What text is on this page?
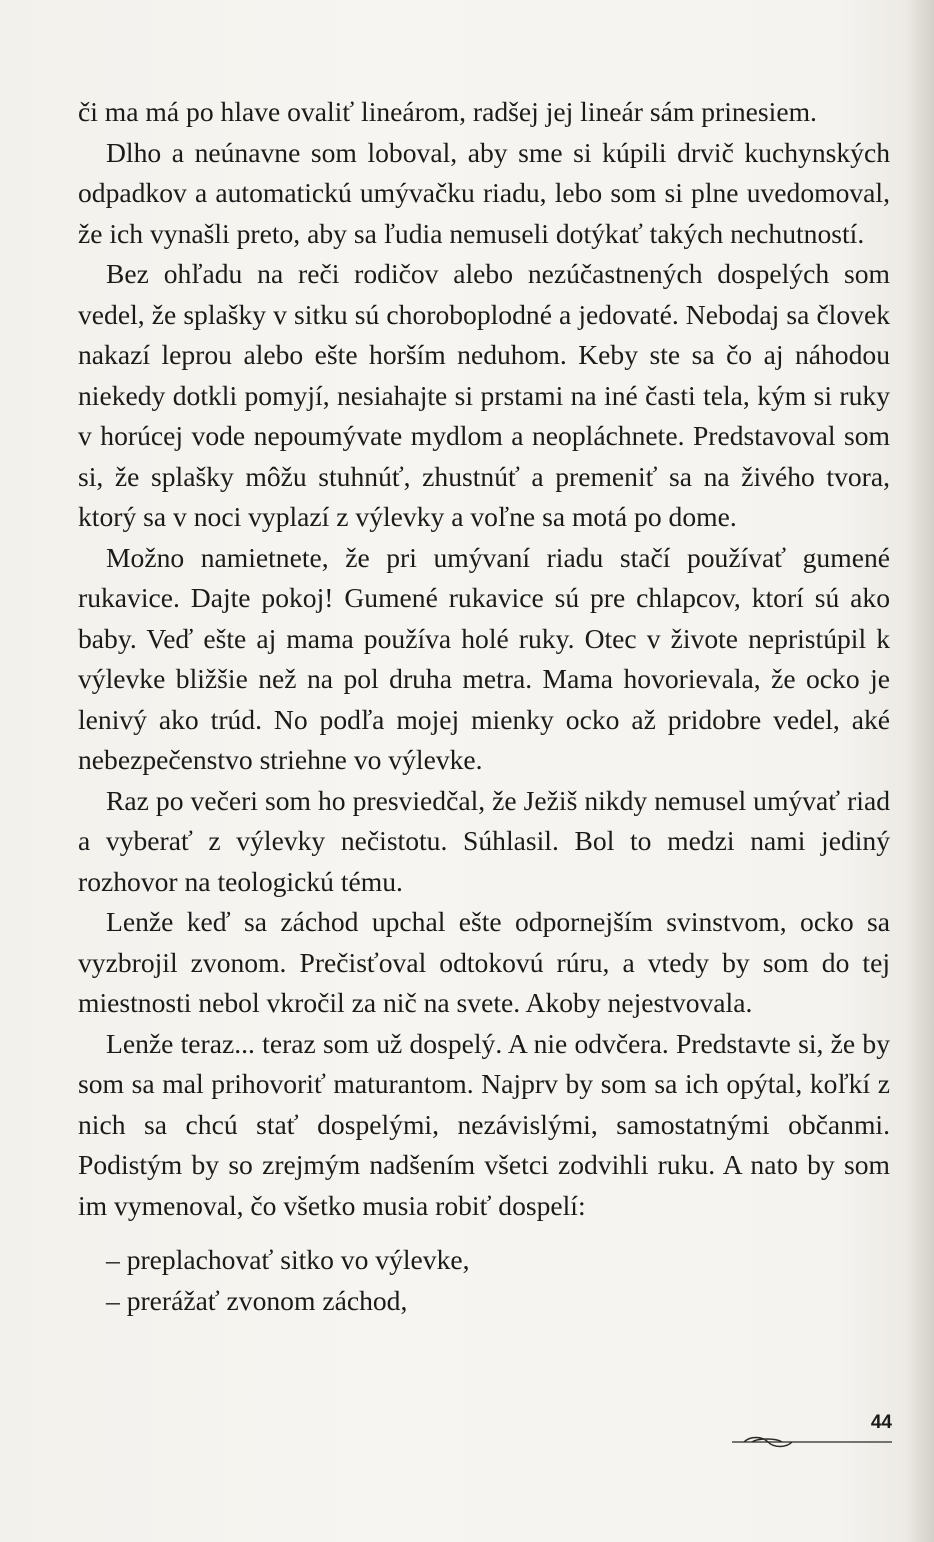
či ma má po hlave ovaliť lineárom, radšej jej lineár sám prinesiem.

Dlho a neúnavne som loboval, aby sme si kúpili drvič kuchynských odpadkov a automatickú umývačku riadu, lebo som si plne uvedomoval, že ich vynašli preto, aby sa ľudia nemuseli dotýkať takých nechutností.

Bez ohľadu na reči rodičov alebo nezúčastnených dospelých som vedel, že splašky v sitku sú choroboplodné a jedovaté. Nebodaj sa človek nakazí leprou alebo ešte horším neduhom. Keby ste sa čo aj náhodou niekedy dotkli pomyjí, nesiahajte si prstami na iné časti tela, kým si ruky v horúcej vode nepoumývate mydlom a neopláchnete. Predstavoval som si, že splašky môžu stuhnúť, zhustnúť a premeniť sa na živého tvora, ktorý sa v noci vyplazí z výlevky a voľne sa motá po dome.

Možno namietnete, že pri umývaní riadu stačí používať gumené rukavice. Dajte pokoj! Gumené rukavice sú pre chlapcov, ktorí sú ako baby. Veď ešte aj mama používa holé ruky. Otec v živote nepristúpil k výlevke bližšie než na pol druha metra. Mama hovorievala, že ocko je lenivý ako trúd. No podľa mojej mienky ocko až pridobre vedel, aké nebezpečenstvo striehne vo výlevke.

Raz po večeri som ho presviedčal, že Ježiš nikdy nemusel umývať riad a vyberať z výlevky nečistotu. Súhlasil. Bol to medzi nami jediný rozhovor na teologickú tému.

Lenže keď sa záchod upchal ešte odpornejším svinstvom, ocko sa vyzbrojil zvonom. Prečisťoval odtokovú rúru, a vtedy by som do tej miestnosti nebol vkročil za nič na svete. Akoby nejestvovala.

Lenže teraz... teraz som už dospelý. A nie odvčera. Predstavte si, že by som sa mal prihovoriť maturantom. Najprv by som sa ich opýtal, koľkí z nich sa chcú stať dospelými, nezávislými, samostatnými občanmi. Podistým by so zrejmým nadšením všetci zodvihli ruku. A nato by som im vymenoval, čo všetko musia robiť dospelí:

– preplachovať sitko vo výlevke,
– prerážať zvonom záchod,
44
